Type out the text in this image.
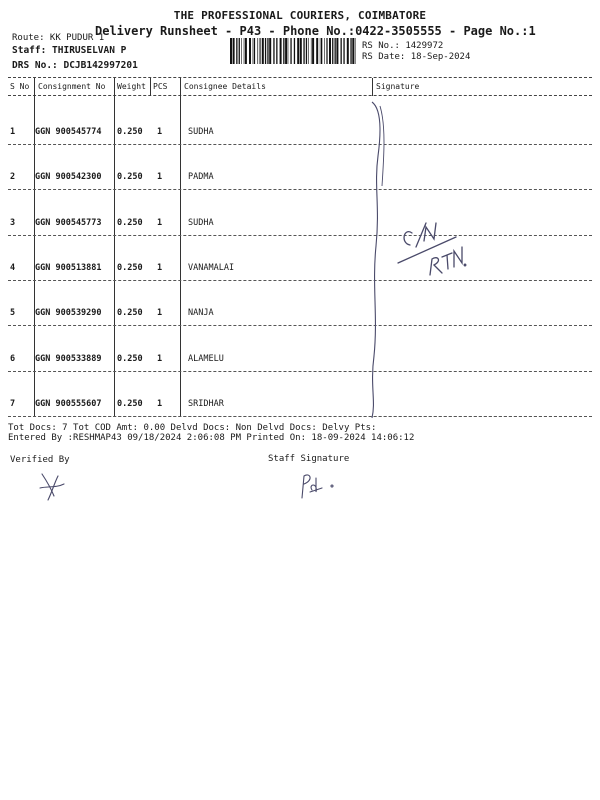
THE PROFESSIONAL COURIERS, COIMBATORE
Delivery Runsheet - P43 - Phone No.:0422-3505555 - Page No.:1
Route: KK PUDUR 1
Staff: THIRUSELVAN P
DRS No.: DCJB142997201
RS No.: 1429972
RS Date: 18-Sep-2024
S No Consignment No Weight PCS Consignee Details	Signature
1 GGN 900545774 0.250 1	SUDHA
2 GGN 900542300 0.250 1	PADMA
3 GGN 900545773 0.250 1	SUDHA
4 GGN 900513881 0.250 1	VANAMALAI
5 GGN 900539290 0.250 1	NANJA
6 GGN 900533889 0.250 1	ALAMELU
7 GGN 900555607 0.250 1	SRIDHAR
Tot Docs: 7 Tot COD Amt: 0.00 Delvd Docs: Non Delvd Docs: Delvy Pts:
Entered By :RESHMAP43 09/18/2024 2:06:08 PM Printed On: 18-09-2024 14:06:12
Verified By	Staff Signature
